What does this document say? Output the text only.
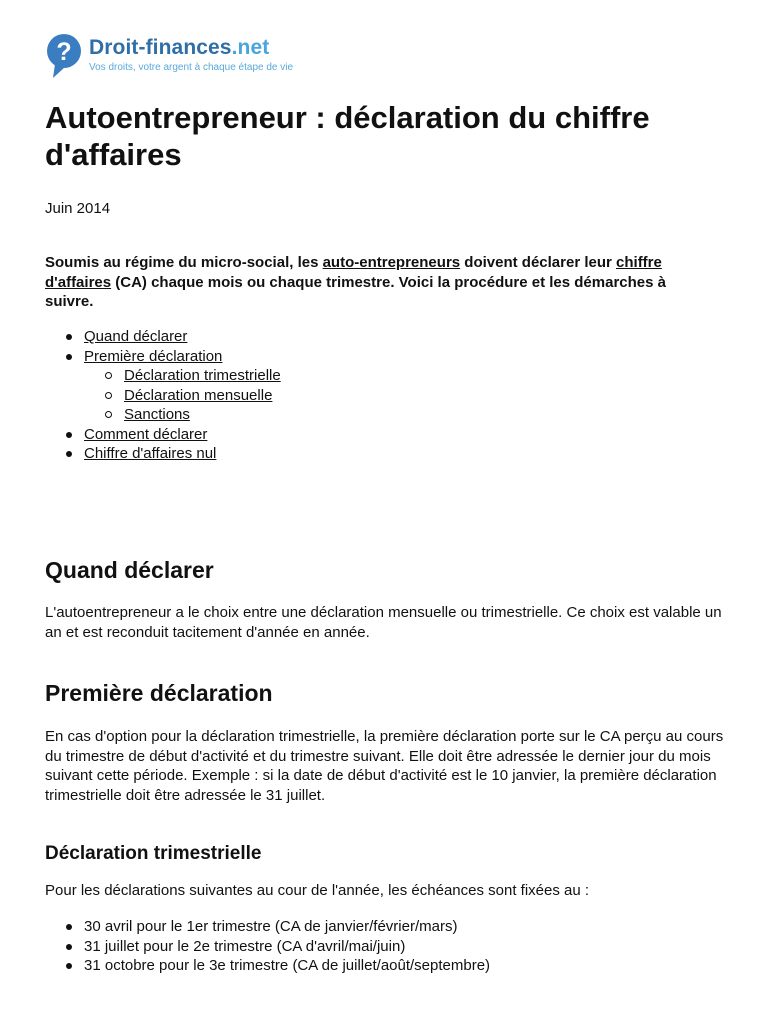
? Droit-finances.net
Vos droits, votre argent à chaque étape de vie
Autoentrepreneur : déclaration du chiffre d'affaires

Juin 2014

Soumis au régime du micro-social, les auto-entrepreneurs doivent déclarer leur chiffre d'affaires (CA) chaque mois ou chaque trimestre. Voici la procédure et les démarches à suivre.

Quand déclarer
Première déclaration
Déclaration trimestrielle
Déclaration mensuelle
Sanctions
Comment déclarer
Chiffre d'affaires nul
Quand déclarer

L'autoentrepreneur a le choix entre une déclaration mensuelle ou trimestrielle. Ce choix est valable un an et est reconduit tacitement d'année en année.

Première déclaration

En cas d'option pour la déclaration trimestrielle, la première déclaration porte sur le CA perçu au cours du trimestre de début d'activité et du trimestre suivant. Elle doit être adressée le dernier jour du mois suivant cette période. Exemple : si la date de début d'activité est le 10 janvier, la première déclaration trimestrielle doit être adressée le 31 juillet.

Déclaration trimestrielle

Pour les déclarations suivantes au cour de l'année, les échéances sont fixées au :

30 avril pour le 1er trimestre (CA de janvier/février/mars)
31 juillet pour le 2e trimestre (CA d'avril/mai/juin)
31 octobre pour le 3e trimestre (CA de juillet/août/septembre)
